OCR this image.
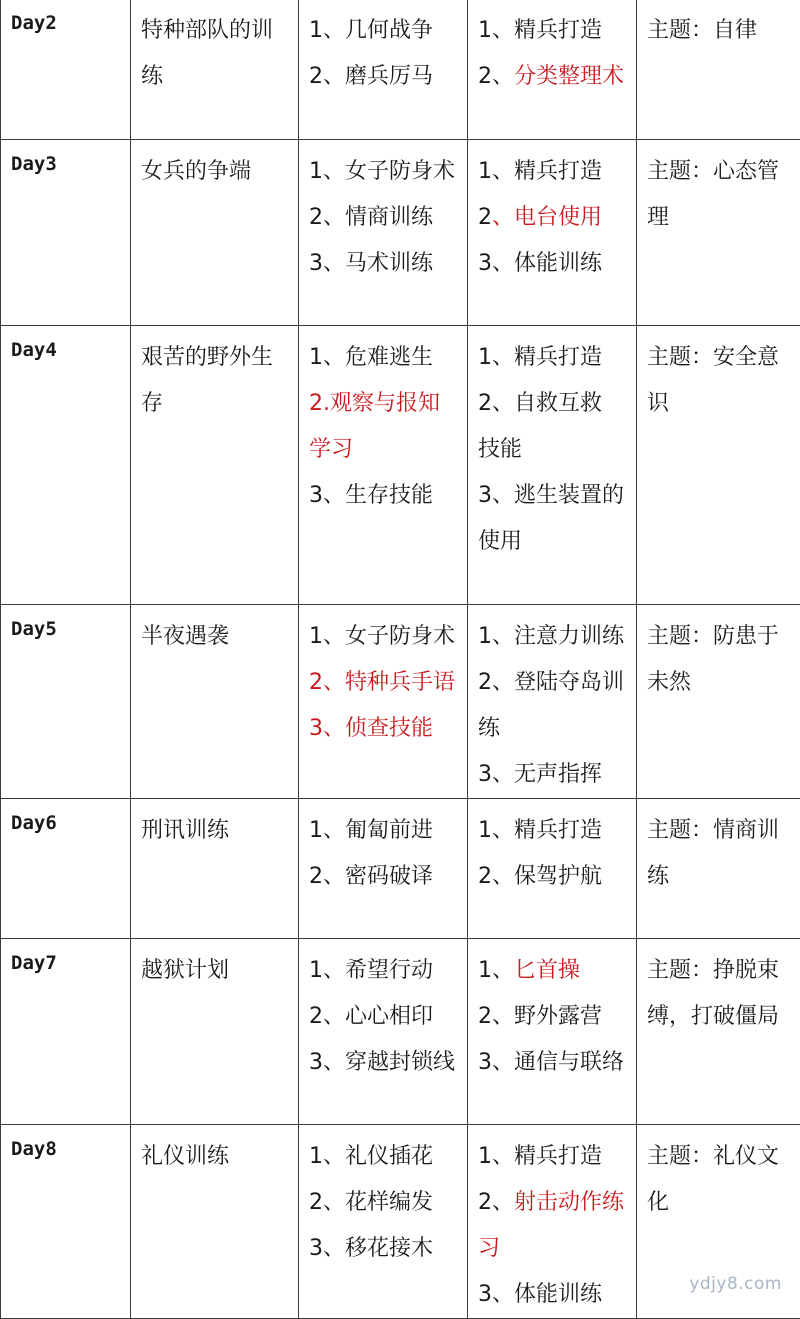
Day2	特种部队的训
练	1、几何战争
2、磨兵厉马	1、精兵打造
2、分类整理术	主题：自律

Day3	女兵的争端	1、女子防身术
2、情商训练
3、马术训练	1、精兵打造
2、电台使用
3、体能训练	主题：心态管
理

Day4	艰苦的野外生
存	1、危难逃生
2.观察与报知
学习
3、生存技能	1、精兵打造
2、自救互救
技能
3、逃生装置的
使用	主题：安全意
识

Day5	半夜遇袭	1、女子防身术
2、特种兵手语
3、侦查技能	1、注意力训练
2、登陆夺岛训
练
3、无声指挥	主题：防患于
未然

Day6	刑讯训练	1、匍匐前进
2、密码破译	1、精兵打造
2、保驾护航	主题：情商训
练

Day7	越狱计划	1、希望行动
2、心心相印
3、穿越封锁线	1、匕首操
2、野外露营
3、通信与联络	主题：挣脱束
缚，打破僵局

Day8	礼仪训练	1、礼仪插花
2、花样编发
3、移花接木	1、精兵打造
2、射击动作练
习
3、体能训练	主题：礼仪文
化
ydjy8.com
